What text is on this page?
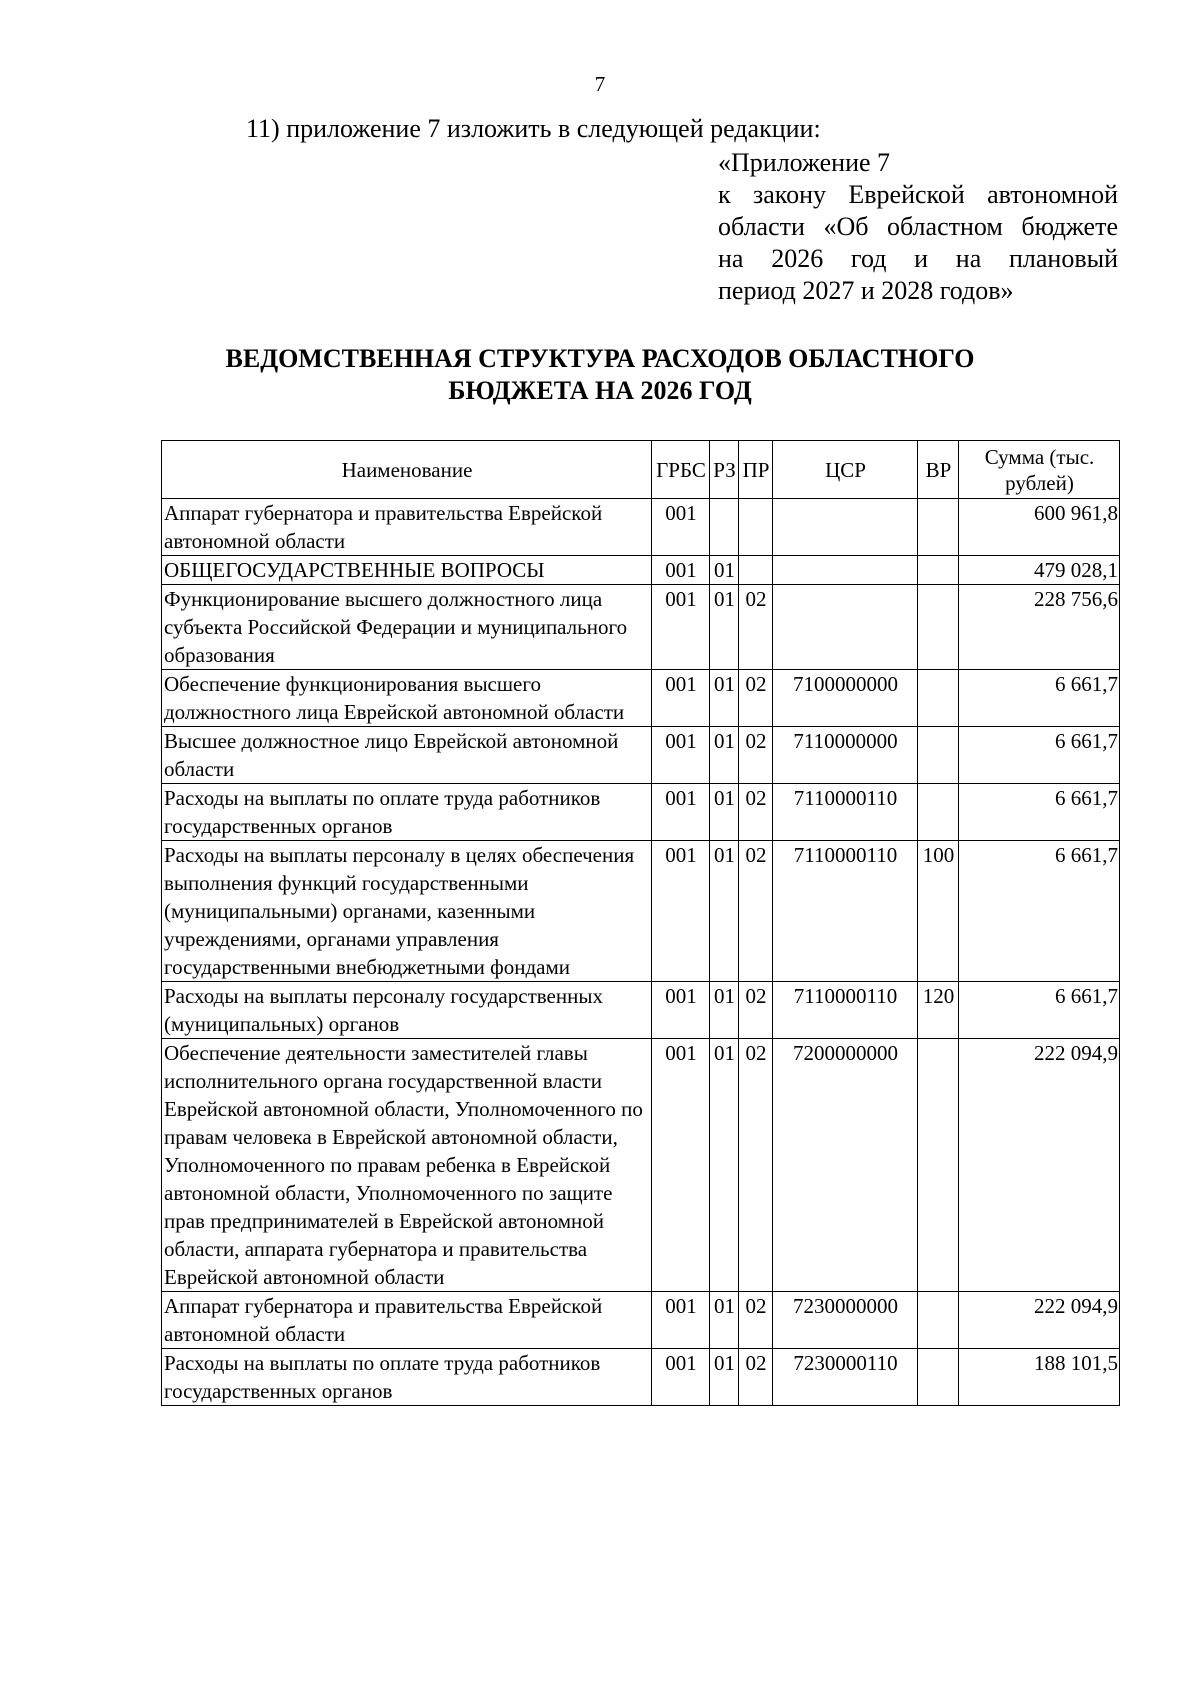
7
11) приложение 7 изложить в следующей редакции:
«Приложение 7
к закону Еврейской автономной
области «Об областном бюджете
на 2026 год и на плановый
период 2027 и 2028 годов»
ВЕДОМСТВЕННАЯ СТРУКТУРА РАСХОДОВ ОБЛАСТНОГО
БЮДЖЕТА НА 2026 ГОД
Наименование	ГРБС	РЗ	ПР	ЦСР	ВР	Сумма (тыс. рублей)

Аппарат губернатора и правительства Еврейской автономной области	001					600 961,8
ОБЩЕГОСУДАРСТВЕННЫЕ ВОПРОСЫ	001	01				479 028,1
Функционирование высшего должностного лица субъекта Российской Федерации и муниципального образования	001	01	02			228 756,6
Обеспечение функционирования высшего должностного лица Еврейской автономной области	001	01	02	7100000000		6 661,7
Высшее должностное лицо Еврейской автономной области	001	01	02	7110000000		6 661,7
Расходы на выплаты по оплате труда работников государственных органов	001	01	02	7110000110		6 661,7
Расходы на выплаты персоналу в целях обеспечения выполнения функций государственными (муниципальными) органами, казенными учреждениями, органами управления государственными внебюджетными фондами	001	01	02	7110000110	100	6 661,7
Расходы на выплаты персоналу государственных (муниципальных) органов	001	01	02	7110000110	120	6 661,7
Обеспечение деятельности заместителей главы исполнительного органа государственной власти Еврейской автономной области, Уполномоченного по правам человека в Еврейской автономной области, Уполномоченного по правам ребенка в Еврейской автономной области, Уполномоченного по защите прав предпринимателей в Еврейской автономной области, аппарата губернатора и правительства Еврейской автономной области	001	01	02	7200000000		222 094,9
Аппарат губернатора и правительства Еврейской автономной области	001	01	02	7230000000		222 094,9
Расходы на выплаты по оплате труда работников государственных органов	001	01	02	7230000110		188 101,5
